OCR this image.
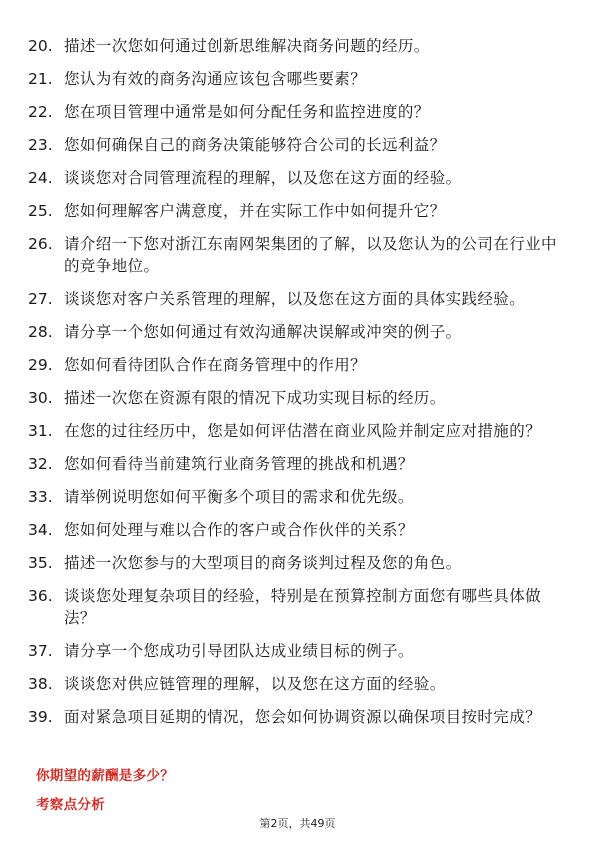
20. 描述一次您如何通过创新思维解决商务问题的经历。
21. 您认为有效的商务沟通应该包含哪些要素？
22. 您在项目管理中通常是如何分配任务和监控进度的？
23. 您如何确保自己的商务决策能够符合公司的长远利益？
24. 谈谈您对合同管理流程的理解，以及您在这方面的经验。
25. 您如何理解客户满意度，并在实际工作中如何提升它？
26. 请介绍一下您对浙江东南网架集团的了解，以及您认为的公司在行业中的竞争地位。
27. 谈谈您对客户关系管理的理解，以及您在这方面的具体实践经验。
28. 请分享一个您如何通过有效沟通解决误解或冲突的例子。
29. 您如何看待团队合作在商务管理中的作用？
30. 描述一次您在资源有限的情况下成功实现目标的经历。
31. 在您的过往经历中，您是如何评估潜在商业风险并制定应对措施的？
32. 您如何看待当前建筑行业商务管理的挑战和机遇？
33. 请举例说明您如何平衡多个项目的需求和优先级。
34. 您如何处理与难以合作的客户或合作伙伴的关系？
35. 描述一次您参与的大型项目的商务谈判过程及您的角色。
36. 谈谈您处理复杂项目的经验，特别是在预算控制方面您有哪些具体做法？
37. 请分享一个您成功引导团队达成业绩目标的例子。
38. 谈谈您对供应链管理的理解，以及您在这方面的经验。
39. 面对紧急项目延期的情况，您会如何协调资源以确保项目按时完成？
你期望的薪酬是多少？
考察点分析
第2页，共49页
